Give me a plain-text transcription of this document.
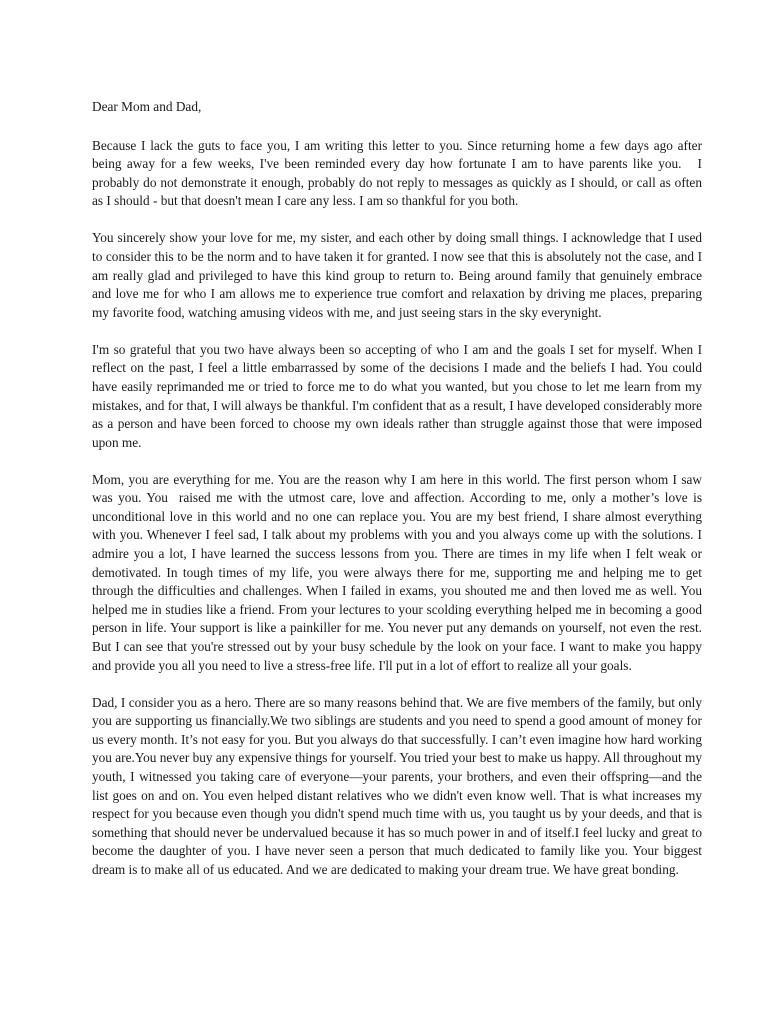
Dear Mom and Dad,

Because I lack the guts to face you, I am writing this letter to you. Since returning home a few days ago after being away for a few weeks, I've been reminded every day how fortunate I am to have parents like you.   I probably do not demonstrate it enough, probably do not reply to messages as quickly as I should, or call as often as I should - but that doesn't mean I care any less. I am so thankful for you both.

You sincerely show your love for me, my sister, and each other by doing small things. I acknowledge that I used to consider this to be the norm and to have taken it for granted. I now see that this is absolutely not the case, and I am really glad and privileged to have this kind group to return to. Being around family that genuinely embrace and love me for who I am allows me to experience true comfort and relaxation by driving me places, preparing my favorite food, watching amusing videos with me, and just seeing stars in the sky everynight.

I'm so grateful that you two have always been so accepting of who I am and the goals I set for myself. When I reflect on the past, I feel a little embarrassed by some of the decisions I made and the beliefs I had. You could have easily reprimanded me or tried to force me to do what you wanted, but you chose to let me learn from my mistakes, and for that, I will always be thankful. I'm confident that as a result, I have developed considerably more as a person and have been forced to choose my own ideals rather than struggle against those that were imposed upon me.

Mom, you are everything for me. You are the reason why I am here in this world. The first person whom I saw was you. You  raised me with the utmost care, love and affection. According to me, only a mother’s love is unconditional love in this world and no one can replace you. You are my best friend, I share almost everything with you. Whenever I feel sad, I talk about my problems with you and you always come up with the solutions. I admire you a lot, I have learned the success lessons from you. There are times in my life when I felt weak or demotivated. In tough times of my life, you were always there for me, supporting me and helping me to get through the difficulties and challenges. When I failed in exams, you shouted me and then loved me as well. You helped me in studies like a friend. From your lectures to your scolding everything helped me in becoming a good person in life. Your support is like a painkiller for me. You never put any demands on yourself, not even the rest. But I can see that you're stressed out by your busy schedule by the look on your face. I want to make you happy and provide you all you need to live a stress-free life. I'll put in a lot of effort to realize all your goals.

Dad, I consider you as a hero. There are so many reasons behind that. We are five members of the family, but only you are supporting us financially.We two siblings are students and you need to spend a good amount of money for us every month. It’s not easy for you. But you always do that successfully. I can’t even imagine how hard working you are.You never buy any expensive things for yourself. You tried your best to make us happy. All throughout my youth, I witnessed you taking care of everyone—your parents, your brothers, and even their offspring—and the list goes on and on. You even helped distant relatives who we didn't even know well. That is what increases my respect for you because even though you didn't spend much time with us, you taught us by your deeds, and that is something that should never be undervalued because it has so much power in and of itself.I feel lucky and great to become the daughter of you. I have never seen a person that much dedicated to family like you. Your biggest dream is to make all of us educated. And we are dedicated to making your dream true. We have great bonding.
